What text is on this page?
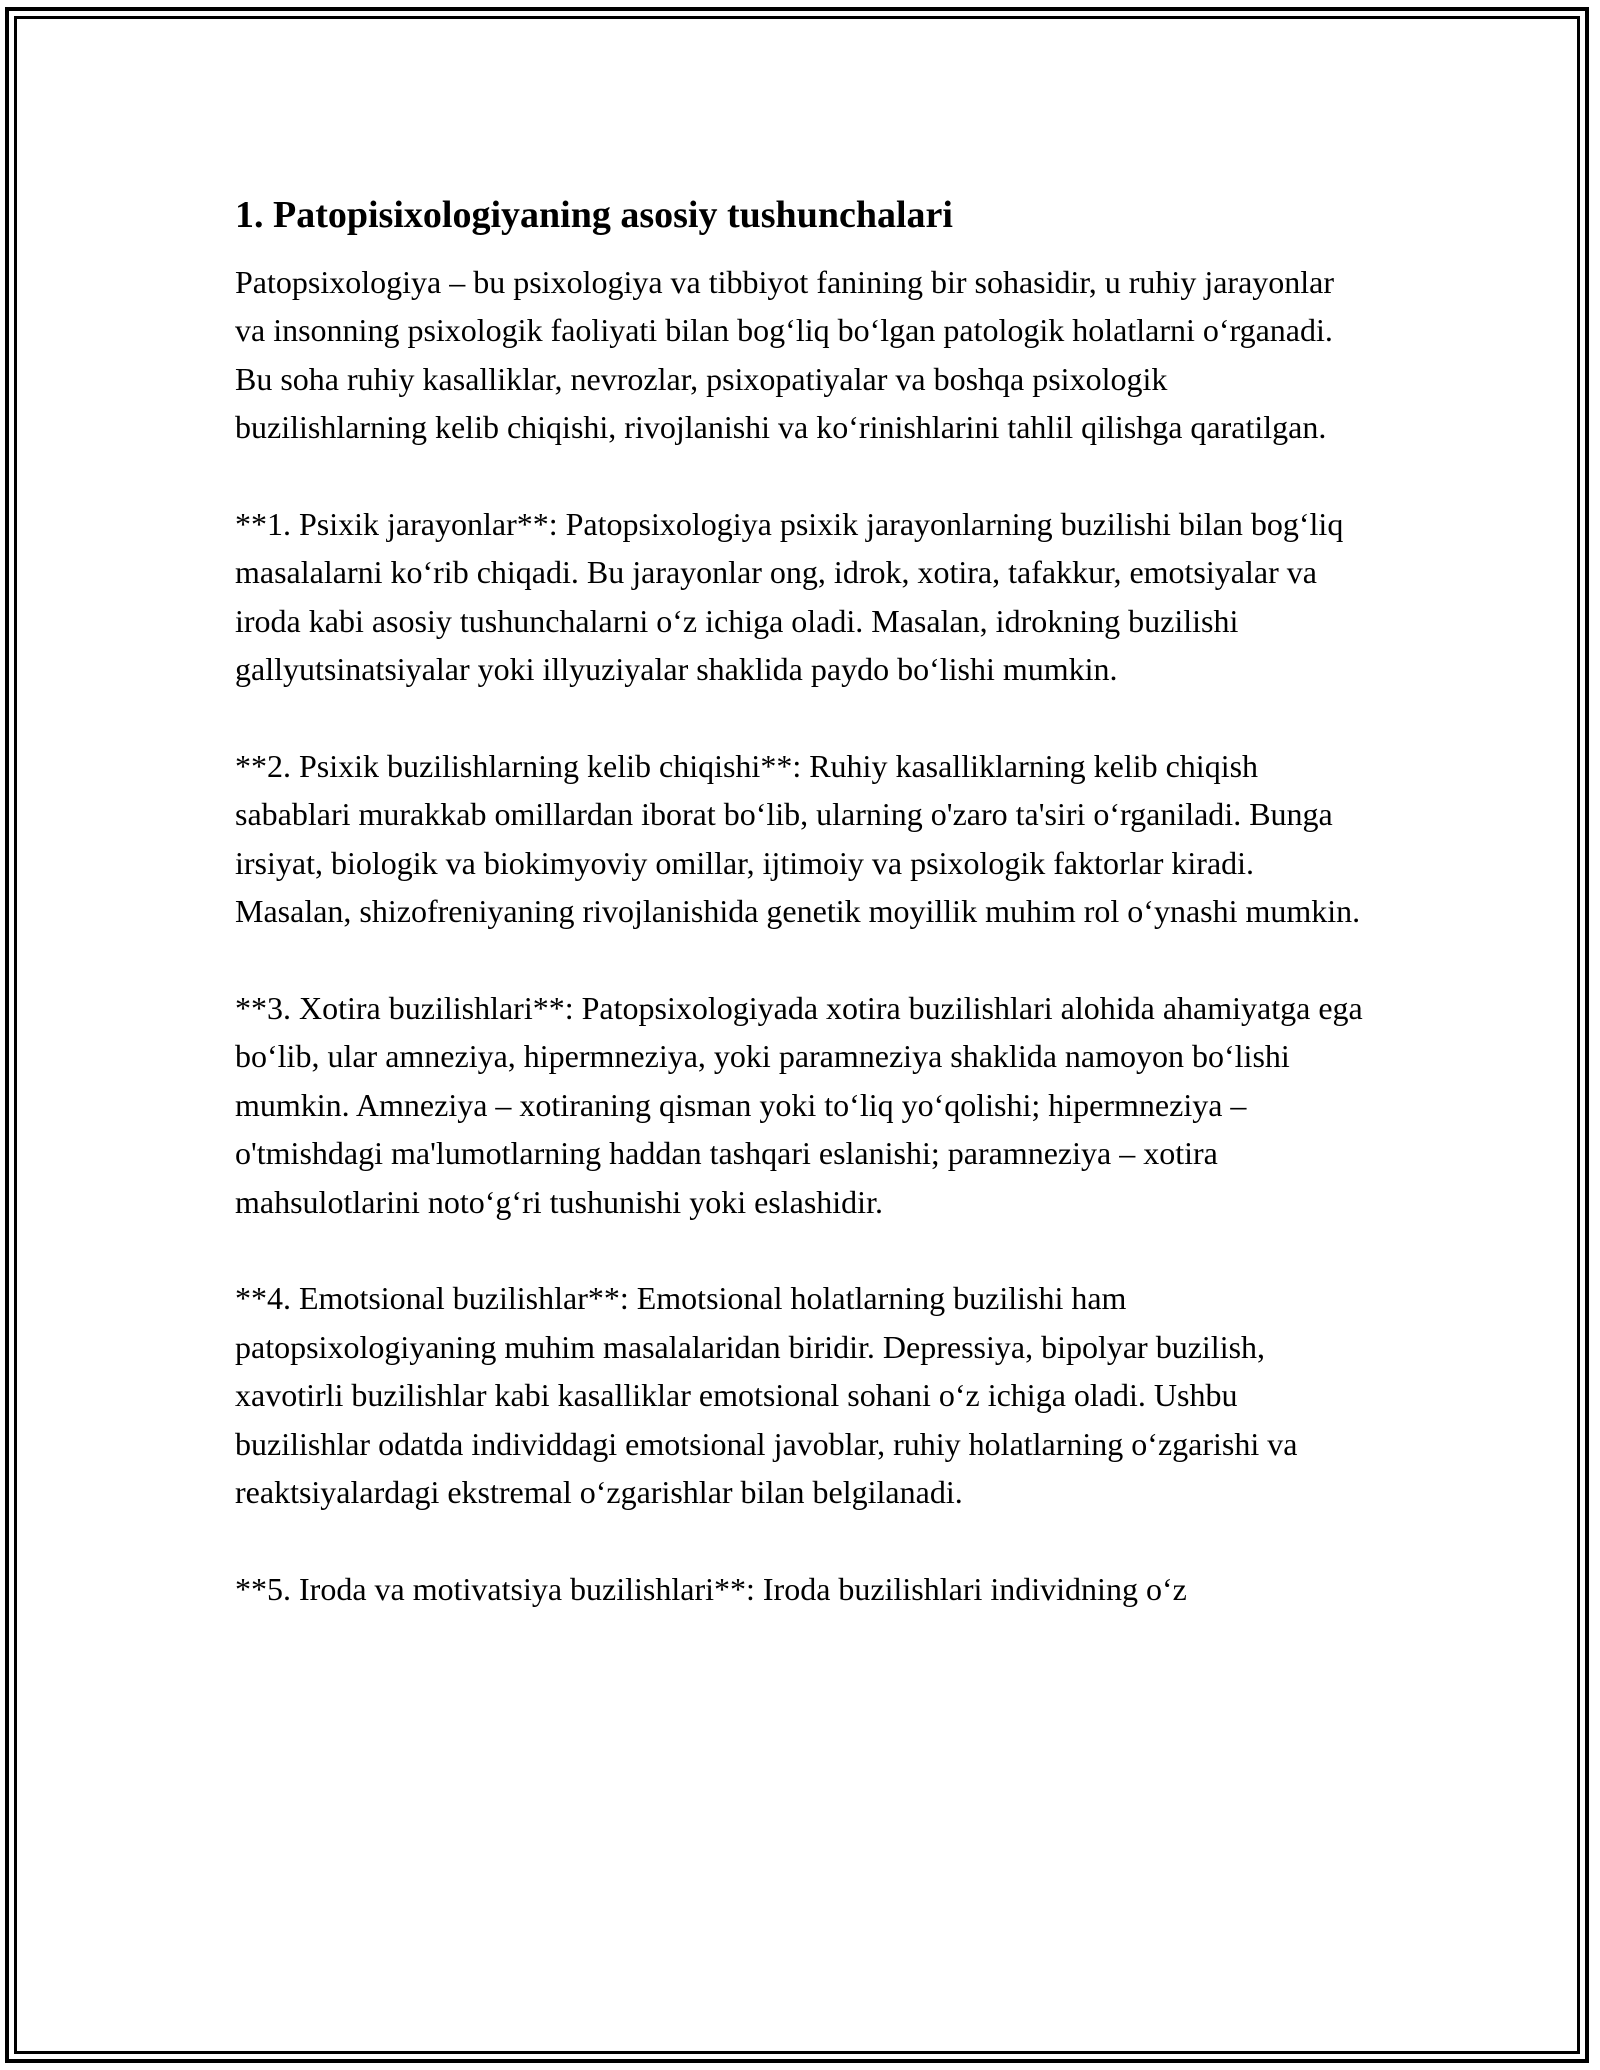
1. Patopisixologiyaning asosiy tushunchalari
Patopsixologiya – bu psixologiya va tibbiyot fanining bir sohasidir, u ruhiy jarayonlar va insonning psixologik faoliyati bilan bog‘liq bo‘lgan patologik holatlarni o‘rganadi. Bu soha ruhiy kasalliklar, nevrozlar, psixopatiyalar va boshqa psixologik buzilishlarning kelib chiqishi, rivojlanishi va ko‘rinishlarini tahlil qilishga qaratilgan.
**1. Psixik jarayonlar**: Patopsixologiya psixik jarayonlarning buzilishi bilan bog‘liq masalalarni ko‘rib chiqadi. Bu jarayonlar ong, idrok, xotira, tafakkur, emotsiyalar va iroda kabi asosiy tushunchalarni o‘z ichiga oladi. Masalan, idrokning buzilishi gallyutsinatsiyalar yoki illyuziyalar shaklida paydo bo‘lishi mumkin.
**2. Psixik buzilishlarning kelib chiqishi**: Ruhiy kasalliklarning kelib chiqish sabablari murakkab omillardan iborat bo‘lib, ularning o'zaro ta'siri o‘rganiladi. Bunga irsiyat, biologik va biokimyoviy omillar, ijtimoiy va psixologik faktorlar kiradi. Masalan, shizofreniyaning rivojlanishida genetik moyillik muhim rol o‘ynashi mumkin.
**3. Xotira buzilishlari**: Patopsixologiyada xotira buzilishlari alohida ahamiyatga ega bo‘lib, ular amneziya, hipermneziya, yoki paramneziya shaklida namoyon bo‘lishi mumkin. Amneziya – xotiraning qisman yoki to‘liq yo‘qolishi; hipermneziya – o'tmishdagi ma'lumotlarning haddan tashqari eslanishi; paramneziya – xotira mahsulotlarini noto‘g‘ri tushunishi yoki eslashidir.
**4. Emotsional buzilishlar**: Emotsional holatlarning buzilishi ham patopsixologiyaning muhim masalalaridan biridir. Depressiya, bipolyar buzilish, xavotirli buzilishlar kabi kasalliklar emotsional sohani o‘z ichiga oladi. Ushbu buzilishlar odatda individdagi emotsional javoblar, ruhiy holatlarning o‘zgarishi va reaktsiyalardagi ekstremal o‘zgarishlar bilan belgilanadi.
**5. Iroda va motivatsiya buzilishlari**: Iroda buzilishlari individning o‘z
